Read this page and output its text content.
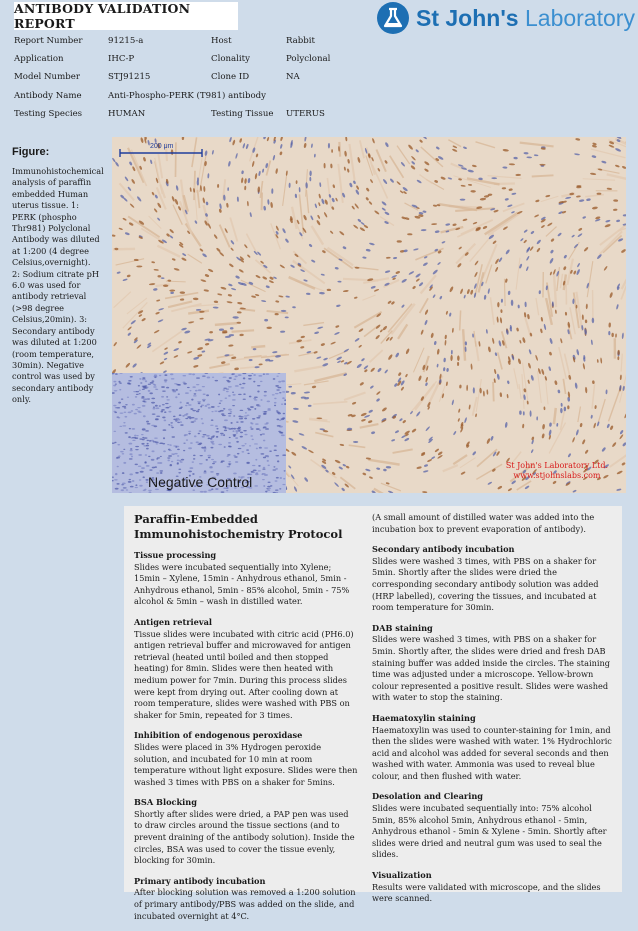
ANTIBODY VALIDATION REPORT	St John's Laboratory
Report Number	91215-a	Host	Rabbit
Application	IHC-P	Clonality	Polyclonal
Model Number	STJ91215	Clone ID	NA
Antibody Name	Anti-Phospho-PERK (T981) antibody
Testing Species	HUMAN	Testing Tissue UTERUS
Figure:
Immunohistochemical analysis of paraffin embedded Human uterus tissue. 1: PERK (phospho Thr981) Polyclonal Antibody was diluted at 1:200 (4 degree Celsius,overnight). 2: Sodium citrate pH 6.0 was used for antibody retrieval (>98 degree Celsius,20min). 3: Secondary antibody was diluted at 1:200 (room temperature, 30min). Negative control was used by secondary antibody only.
200 μm
Negative Control
St John's Laboratory Ltd.
www.stjohnslabs.com
Paraffin-Embedded Immunohistochemistry Protocol

Tissue processing

Slides were incubated sequentially into Xylene; 15min – Xylene, 15min - Anhydrous ethanol, 5min - Anhydrous ethanol, 5min - 85% alcohol, 5min - 75% alcohol & 5min – wash in distilled water.

Antigen retrieval

Tissue slides were incubated with citric acid (PH6.0) antigen retrieval buffer and microwaved for antigen retrieval (heated until boiled and then stopped heating) for 8min. Slides were then heated with medium power for 7min. During this process slides were kept from drying out. After cooling down at room temperature, slides were washed with PBS on shaker for 5min, repeated for 3 times.

Inhibition of endogenous peroxidase

Slides were placed in 3% Hydrogen peroxide solution, and incubated for 10 min at room temperature without light exposure. Slides were then washed 3 times with PBS on a shaker for 5mins.

BSA Blocking

Shortly after slides were dried, a PAP pen was used to draw circles around the tissue sections (and to prevent draining of the antibody solution). Inside the circles, BSA was used to cover the tissue evenly, blocking for 30min.

Primary antibody incubation

After blocking solution was removed a 1:200 solution of primary antibody/PBS was added on the slide, and incubated overnight at 4°C.

(A small amount of distilled water was added into the incubation box to prevent evaporation of antibody).

Secondary antibody incubation

Slides were washed 3 times, with PBS on a shaker for 5min. Shortly after the slides were dried the corresponding secondary antibody solution was added (HRP labelled), covering the tissues, and incubated at room temperature for 30min.

DAB staining

Slides were washed 3 times, with PBS on a shaker for 5min. Shortly after, the slides were dried and fresh DAB staining buffer was added inside the circles. The staining time was adjusted under a microscope. Yellow-brown colour represented a positive result. Slides were washed with water to stop the staining.

Haematoxylin staining

Haematoxylin was used to counter-staining for 1min, and then the slides were washed with water. 1% Hydrochloric acid and alcohol was added for several seconds and then washed with water. Ammonia was used to reveal blue colour, and then flushed with water.

Desolation and Clearing

Slides were incubated sequentially into: 75% alcohol 5min, 85% alcohol 5min, Anhydrous ethanol - 5min, Anhydrous ethanol - 5min & Xylene - 5min. Shortly after slides were dried and neutral gum was used to seal the slides.

Visualization

Results were validated with microscope, and the slides were scanned.
